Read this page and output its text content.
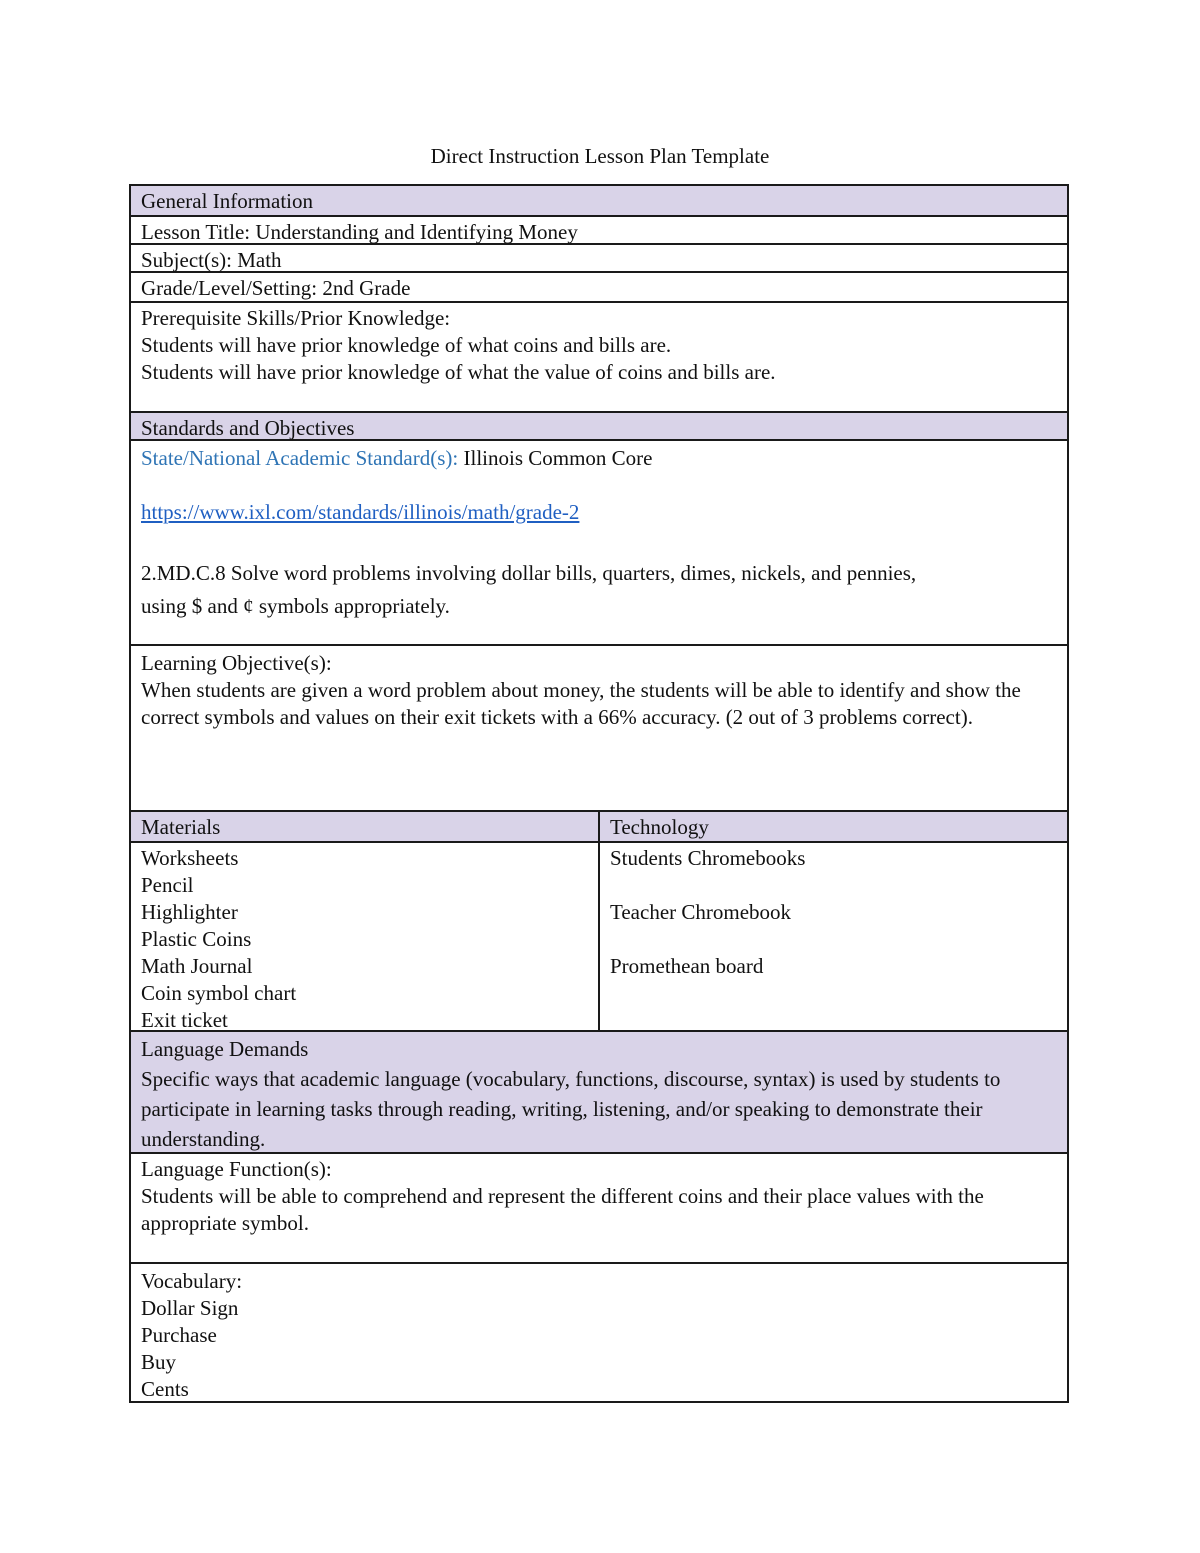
Direct Instruction Lesson Plan Template
General Information
Lesson Title: Understanding and Identifying Money
Subject(s): Math
Grade/Level/Setting: 2nd Grade
Prerequisite Skills/Prior Knowledge:
Students will have prior knowledge of what coins and bills are.
Students will have prior knowledge of what the value of coins and bills are.
Standards and Objectives
State/National Academic Standard(s): Illinois Common Core
https://www.ixl.com/standards/illinois/math/grade-2
2.MD.C.8 Solve word problems involving dollar bills, quarters, dimes, nickels, and pennies,
using $ and ¢ symbols appropriately.
Learning Objective(s):
When students are given a word problem about money, the students will be able to identify and show the correct symbols and values on their exit tickets with a 66% accuracy. (2 out of 3 problems correct).
Materials	Technology
Worksheets
Pencil
Highlighter
Plastic Coins
Math Journal
Coin symbol chart
Exit ticket
Students Chromebooks
Teacher Chromebook
Promethean board
Language Demands
Specific ways that academic language (vocabulary, functions, discourse, syntax) is used by students to participate in learning tasks through reading, writing, listening, and/or speaking to demonstrate their understanding.
Language Function(s):
Students will be able to comprehend and represent the different coins and their place values with the appropriate symbol.
Vocabulary:
Dollar Sign
Purchase
Buy
Cents
